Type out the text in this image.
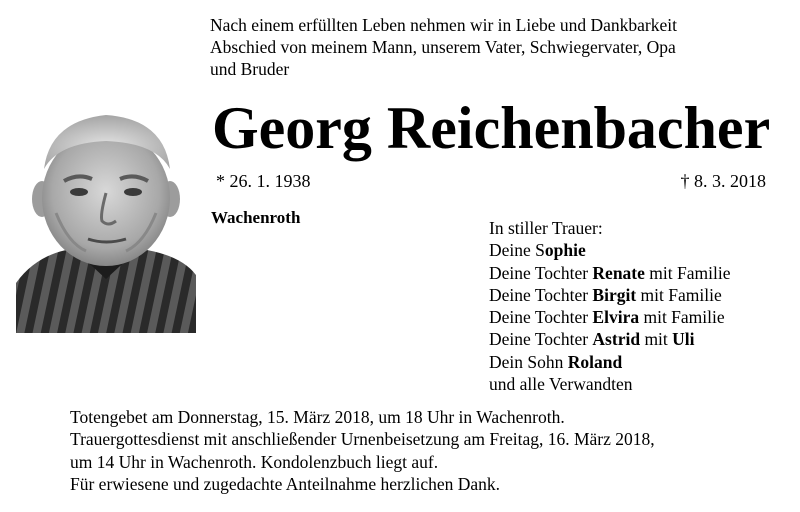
Nach einem erfüllten Leben nehmen wir in Liebe und Dankbarkeit
Abschied von meinem Mann, unserem Vater, Schwiegervater, Opa
und Bruder
Georg Reichenbacher
* 26. 1. 1938	† 8. 3. 2018
Wachenroth
In stiller Trauer:
Deine Sophie
Deine Tochter Renate mit Familie
Deine Tochter Birgit mit Familie
Deine Tochter Elvira mit Familie
Deine Tochter Astrid mit Uli
Dein Sohn Roland
und alle Verwandten
Totengebet am Donnerstag, 15. März 2018, um 18 Uhr in Wachenroth.
Trauergottesdienst mit anschließender Urnenbeisetzung am Freitag, 16. März 2018,
um 14 Uhr in Wachenroth. Kondolenzbuch liegt auf.
Für erwiesene und zugedachte Anteilnahme herzlichen Dank.
